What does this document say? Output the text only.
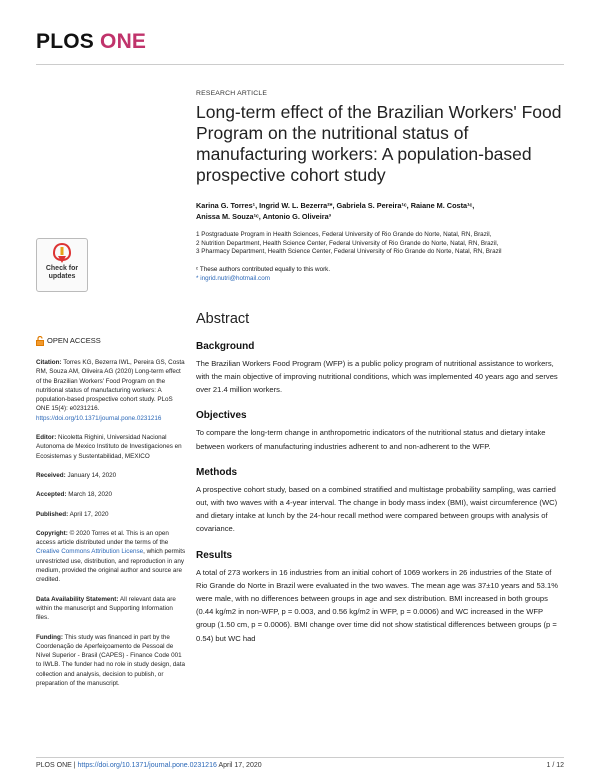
PLOS ONE
Check for
updates
OPEN ACCESS

Citation: Torres KG, Bezerra IWL, Pereira GS, Costa RM, Souza AM, Oliveira AG (2020) Long-term effect of the Brazilian Workers' Food Program on the nutritional status of manufacturing workers: A population-based prospective cohort study. PLoS ONE 15(4): e0231216. https://doi.org/10.1371/journal.pone.0231216

Editor: Nicoletta Righini, Universidad Nacional Autonoma de Mexico Instituto de Investigaciones en Ecosistemas y Sustentabilidad, MEXICO

Received: January 14, 2020

Accepted: March 18, 2020

Published: April 17, 2020

Copyright: © 2020 Torres et al. This is an open access article distributed under the terms of the Creative Commons Attribution License, which permits unrestricted use, distribution, and reproduction in any medium, provided the original author and source are credited.

Data Availability Statement: All relevant data are within the manuscript and Supporting Information files.

Funding: This study was financed in part by the Coordenação de Aperfeiçoamento de Pessoal de Nível Superior - Brasil (CAPES) - Finance Code 001 to IWLB. The funder had no role in study design, data collection and analysis, decision to publish, or preparation of the manuscript.

RESEARCH ARTICLE
Long-term effect of the Brazilian Workers' Food Program on the nutritional status of manufacturing workers: A population-based prospective cohort study
Karina G. Torres¹, Ingrid W. L. Bezerra²*, Gabriela S. Pereira¹ᶜ, Raiane M. Costa¹ᶜ,
Anissa M. Souza¹ᶜ, Antonio G. Oliveira³
1 Postgraduate Program in Health Sciences, Federal University of Rio Grande do Norte, Natal, RN, Brazil,
2 Nutrition Department, Health Science Center, Federal University of Rio Grande do Norte, Natal, RN, Brazil,
3 Pharmacy Department, Health Science Center, Federal University of Rio Grande do Norte, Natal, RN, Brazil
ᶜ These authors contributed equally to this work.
* ingrid.nutri@hotmail.com
Abstract
Background
The Brazilian Workers Food Program (WFP) is a public policy program of nutritional assistance to workers, with the main objective of improving nutritional conditions, which was implemented 40 years ago and serves over 21.4 million workers.
Objectives
To compare the long-term change in anthropometric indicators of the nutritional status and dietary intake between workers of manufacturing industries adherent to and non-adherent to the WFP.
Methods
A prospective cohort study, based on a combined stratified and multistage probability sampling, was carried out, with two waves with a 4-year interval. The change in body mass index (BMI), waist circumference (WC) and dietary intake at lunch by the 24-hour recall method were compared between groups with analysis of covariance.
Results
A total of 273 workers in 16 industries from an initial cohort of 1069 workers in 26 industries of the State of Rio Grande do Norte in Brazil were evaluated in the two waves. The mean age was 37±10 years and 53.1% were male, with no differences between groups in age and sex distribution. BMI increased in both groups (0.44 kg/m2 in non-WFP, p = 0.003, and 0.56 kg/m2 in WFP, p = 0.0006) and WC increased in the WFP group (1.50 cm, p = 0.0006). BMI change over time did not show statistical differences between groups (p = 0.54) but WC had
PLOS ONE | https://doi.org/10.1371/journal.pone.0231216 April 17, 2020	1 / 12
